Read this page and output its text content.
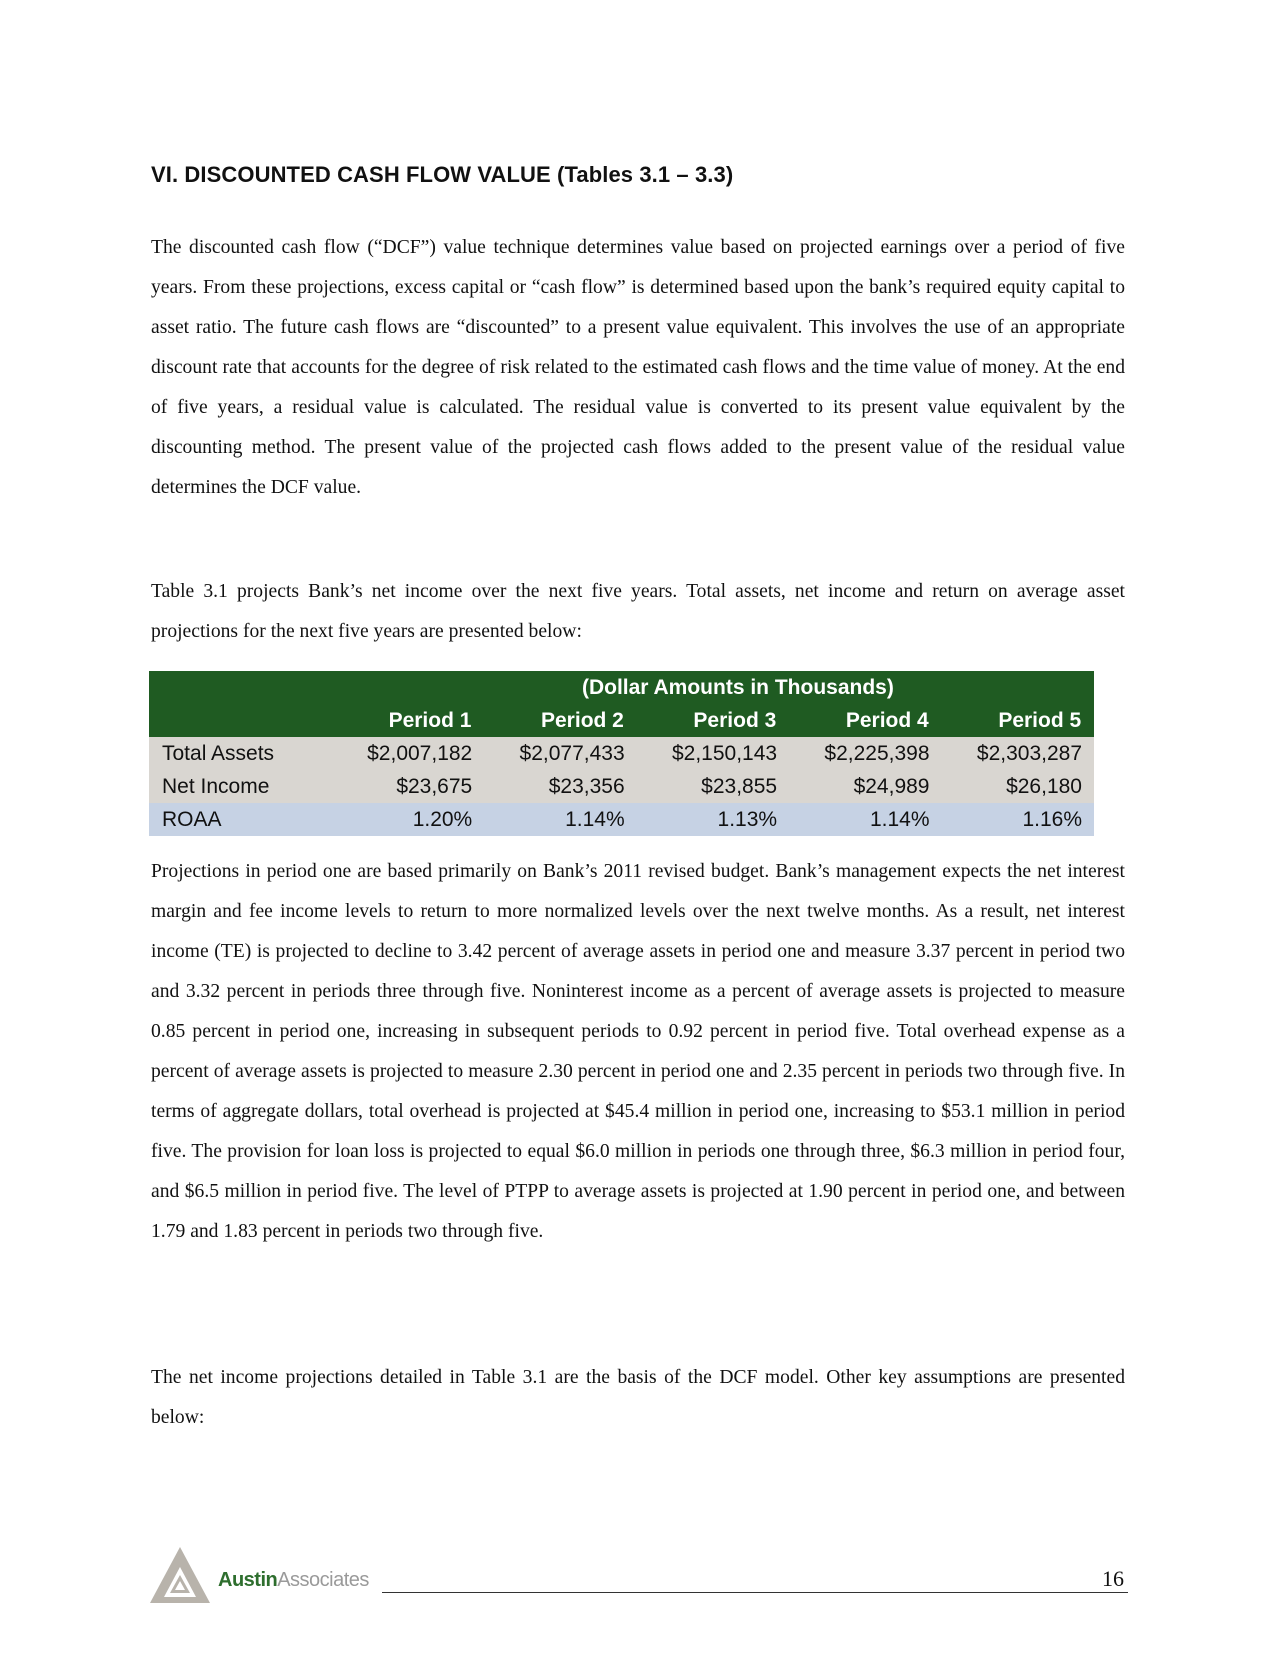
VI. DISCOUNTED CASH FLOW VALUE (Tables 3.1 – 3.3)

The discounted cash flow (“DCF”) value technique determines value based on projected earnings over a period of five years. From these projections, excess capital or “cash flow” is determined based upon the bank’s required equity capital to asset ratio. The future cash flows are “discounted” to a present value equivalent. This involves the use of an appropriate discount rate that accounts for the degree of risk related to the estimated cash flows and the time value of money. At the end of five years, a residual value is calculated. The residual value is converted to its present value equivalent by the discounting method. The present value of the projected cash flows added to the present value of the residual value determines the DCF value.

Table 3.1 projects Bank’s net income over the next five years. Total assets, net income and return on average asset projections for the next five years are presented below:

	(Dollar Amounts in Thousands)				
	Period 1	Period 2	Period 3	Period 4	Period 5
Total Assets	$2,007,182	$2,077,433	$2,150,143	$2,225,398	$2,303,287
Net Income	$23,675	$23,356	$23,855	$24,989	$26,180
ROAA	1.20%	1.14%	1.13%	1.14%	1.16%

Projections in period one are based primarily on Bank’s 2011 revised budget. Bank’s management expects the net interest margin and fee income levels to return to more normalized levels over the next twelve months. As a result, net interest income (TE) is projected to decline to 3.42 percent of average assets in period one and measure 3.37 percent in period two and 3.32 percent in periods three through five. Noninterest income as a percent of average assets is projected to measure 0.85 percent in period one, increasing in subsequent periods to 0.92 percent in period five. Total overhead expense as a percent of average assets is projected to measure 2.30 percent in period one and 2.35 percent in periods two through five. In terms of aggregate dollars, total overhead is projected at $45.4 million in period one, increasing to $53.1 million in period five. The provision for loan loss is projected to equal $6.0 million in periods one through three, $6.3 million in period four, and $6.5 million in period five. The level of PTPP to average assets is projected at 1.90 percent in period one, and between 1.79 and 1.83 percent in periods two through five.

The net income projections detailed in Table 3.1 are the basis of the DCF model. Other key assumptions are presented below:

AustinAssociates	16
